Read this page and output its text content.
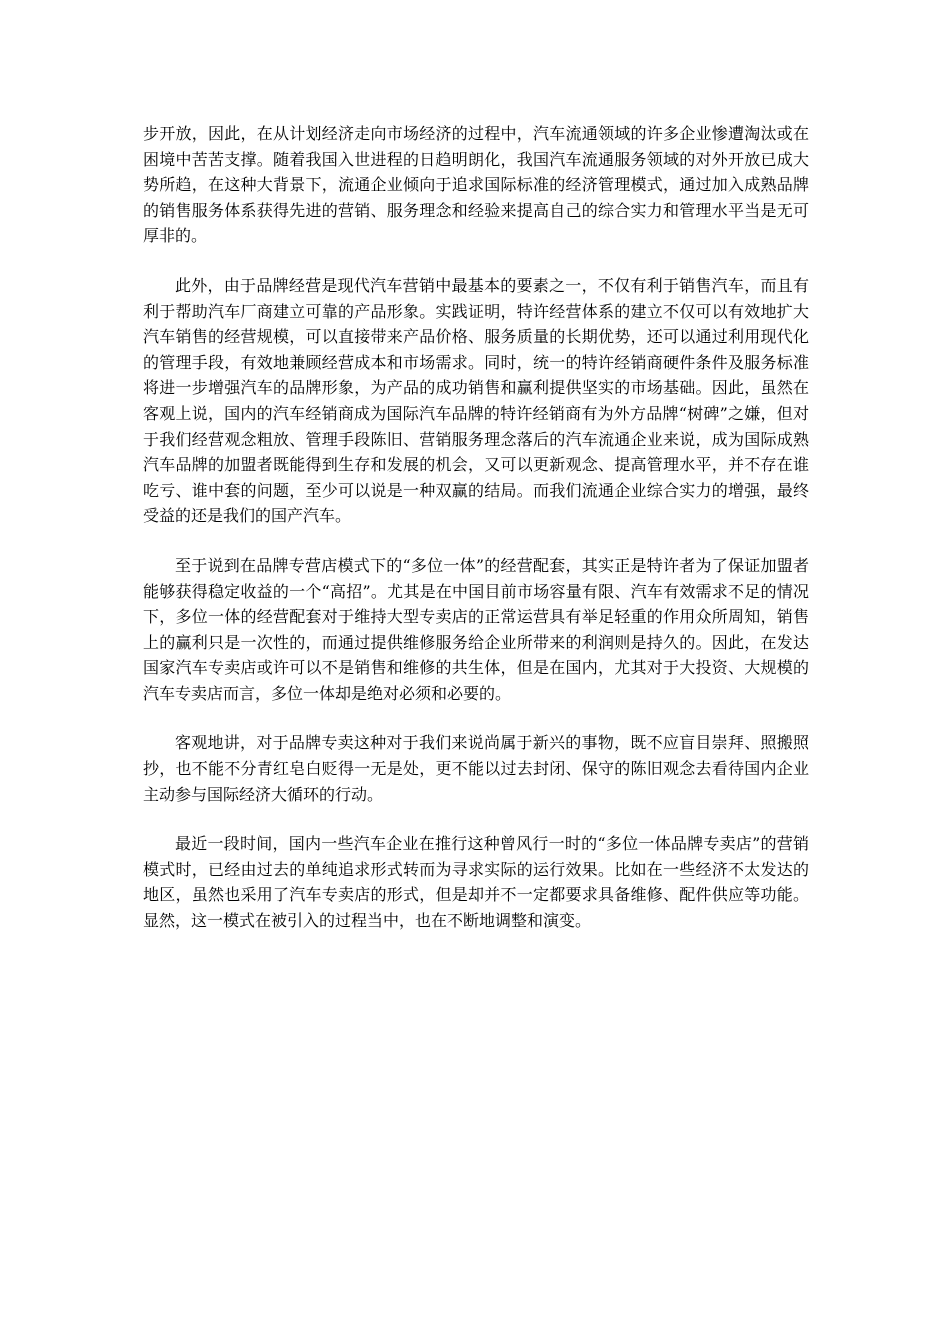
步开放，因此，在从计划经济走向市场经济的过程中，汽车流通领域的许多企业惨遭淘汰或在困境中苦苦支撑。随着我国入世进程的日趋明朗化，我国汽车流通服务领域的对外开放已成大势所趋，在这种大背景下，流通企业倾向于追求国际标准的经济管理模式，通过加入成熟品牌的销售服务体系获得先进的营销、服务理念和经验来提高自己的综合实力和管理水平当是无可厚非的。

此外，由于品牌经营是现代汽车营销中最基本的要素之一，不仅有利于销售汽车，而且有利于帮助汽车厂商建立可靠的产品形象。实践证明，特许经营体系的建立不仅可以有效地扩大汽车销售的经营规模，可以直接带来产品价格、服务质量的长期优势，还可以通过利用现代化的管理手段，有效地兼顾经营成本和市场需求。同时，统一的特许经销商硬件条件及服务标准将进一步增强汽车的品牌形象，为产品的成功销售和赢利提供坚实的市场基础。因此，虽然在客观上说，国内的汽车经销商成为国际汽车品牌的特许经销商有为外方品牌“树碑”之嫌，但对于我们经营观念粗放、管理手段陈旧、营销服务理念落后的汽车流通企业来说，成为国际成熟汽车品牌的加盟者既能得到生存和发展的机会，又可以更新观念、提高管理水平，并不存在谁吃亏、谁中套的问题，至少可以说是一种双赢的结局。而我们流通企业综合实力的增强，最终受益的还是我们的国产汽车。

至于说到在品牌专营店模式下的“多位一体”的经营配套，其实正是特许者为了保证加盟者能够获得稳定收益的一个“高招”。尤其是在中国目前市场容量有限、汽车有效需求不足的情况下，多位一体的经营配套对于维持大型专卖店的正常运营具有举足轻重的作用众所周知，销售上的赢利只是一次性的，而通过提供维修服务给企业所带来的利润则是持久的。因此，在发达国家汽车专卖店或许可以不是销售和维修的共生体，但是在国内，尤其对于大投资、大规模的汽车专卖店而言，多位一体却是绝对必须和必要的。

客观地讲，对于品牌专卖这种对于我们来说尚属于新兴的事物，既不应盲目崇拜、照搬照抄，也不能不分青红皂白贬得一无是处，更不能以过去封闭、保守的陈旧观念去看待国内企业主动参与国际经济大循环的行动。

最近一段时间，国内一些汽车企业在推行这种曾风行一时的“多位一体品牌专卖店”的营销模式时，已经由过去的单纯追求形式转而为寻求实际的运行效果。比如在一些经济不太发达的地区，虽然也采用了汽车专卖店的形式，但是却并不一定都要求具备维修、配件供应等功能。显然，这一模式在被引入的过程当中，也在不断地调整和演变。
